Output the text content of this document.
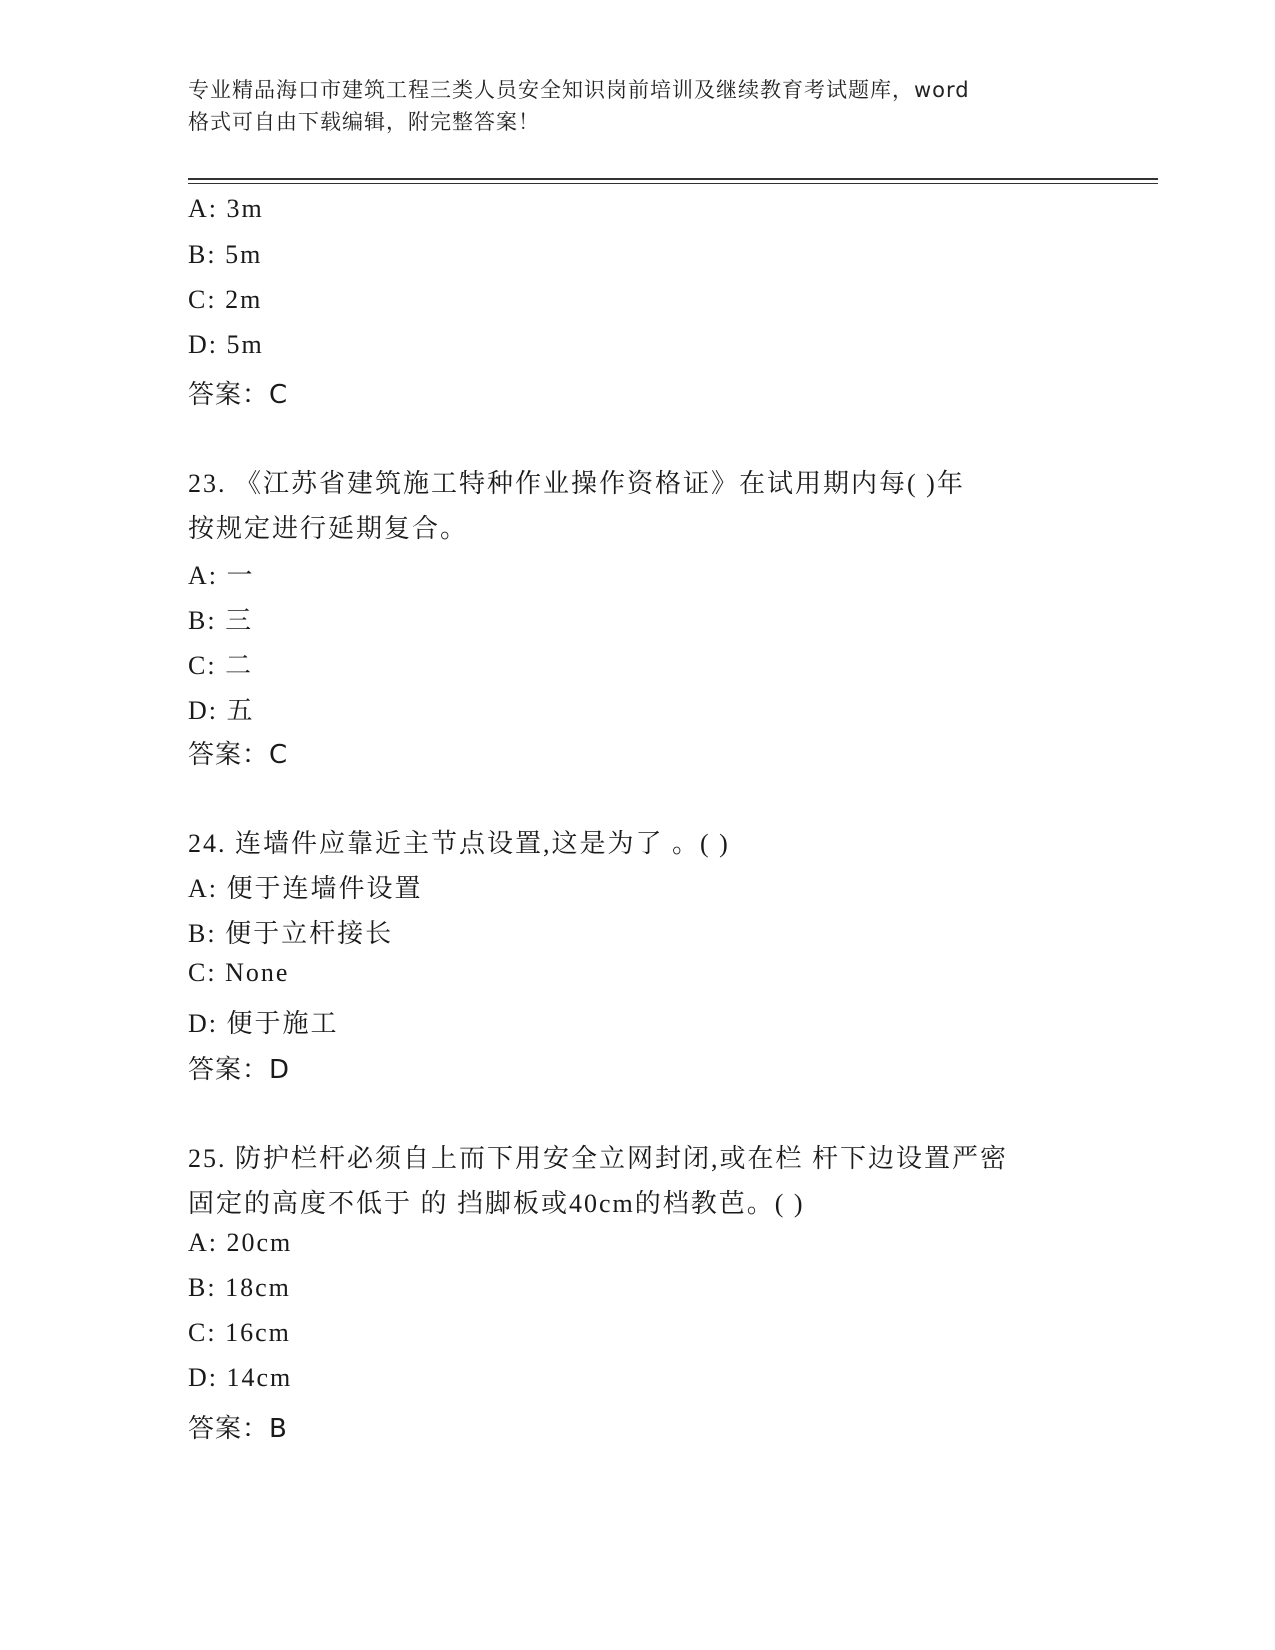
专业精品海口市建筑工程三类人员安全知识岗前培训及继续教育考试题库，word
格式可自由下载编辑，附完整答案！
A: 3m
B: 5m
C: 2m
D: 5m
答案：C
23. 《江苏省建筑施工特种作业操作资格证》在试用期内每( )年
按规定进行延期复合。
A: 一
B: 三
C: 二
D: 五
答案：C
24. 连墙件应靠近主节点设置,这是为了 。( )
A: 便于连墙件设置
B: 便于立杆接长
C: None
D: 便于施工
答案：D
25. 防护栏杆必须自上而下用安全立网封闭,或在栏 杆下边设置严密
固定的高度不低于 的 挡脚板或40cm的档教芭。( )
A: 20cm
B: 18cm
C: 16cm
D: 14cm
答案：B
